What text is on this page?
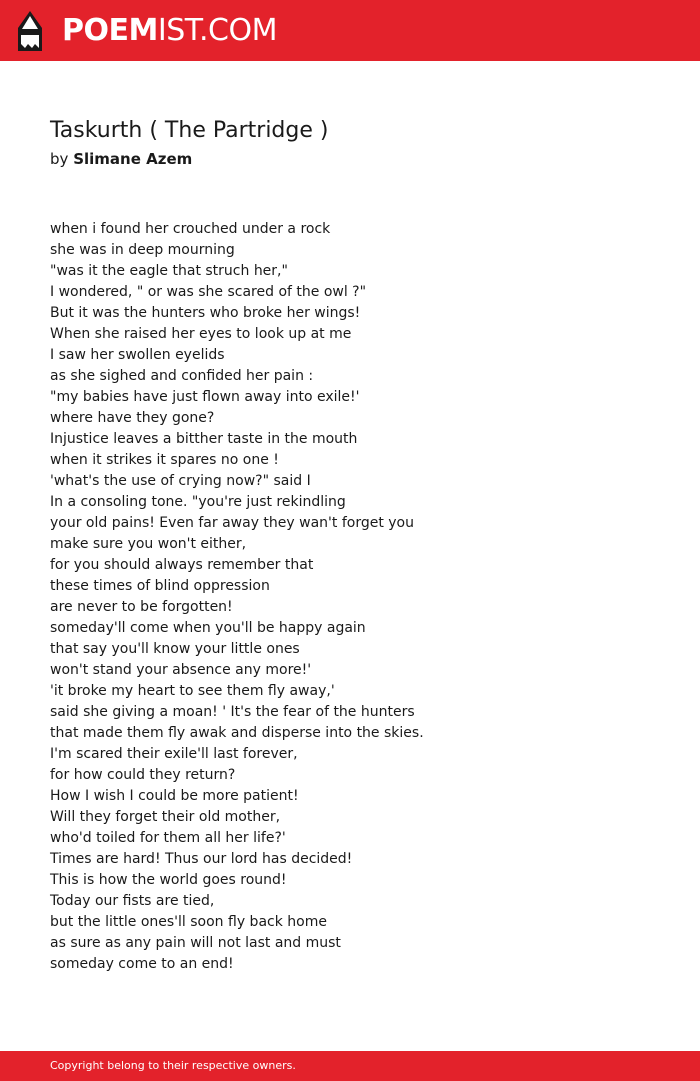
POEMIST.COM
Taskurth ( The Partridge )
by Slimane Azem
when i found her crouched under a rock
she was in deep mourning
"was it the eagle that struch her,"
I wondered, " or was she scared of the owl ?"
But it was the hunters who broke her wings!
When she raised her eyes to look up at me
I saw her swollen eyelids
as she sighed and confided her pain :
"my babies have just flown away into exile!'
where have they gone?
Injustice leaves a bitther taste in the mouth
when it strikes it spares no one !
'what's the use of crying now?" said I
In a consoling tone. "you're just rekindling
your old pains! Even far away they wan't forget you
make sure you won't either,
for you should always remember that
these times of blind oppression
are never to be forgotten!
someday'll come when you'll be happy again
that say you'll know your little ones
won't stand your absence any more!'
'it broke my heart to see them fly away,'
said she giving a moan! ' It's the fear of the hunters
that made them fly awak and disperse into the skies.
I'm scared their exile'll last forever,
for how could they return?
How I wish I could be more patient!
Will they forget their old mother,
who'd toiled for them all her life?'
Times are hard! Thus our lord has decided!
This is how the world goes round!
Today our fists are tied,
but the little ones'll soon fly back home
as sure as any pain will not last and must
someday come to an end!
Copyright belong to their respective owners.
